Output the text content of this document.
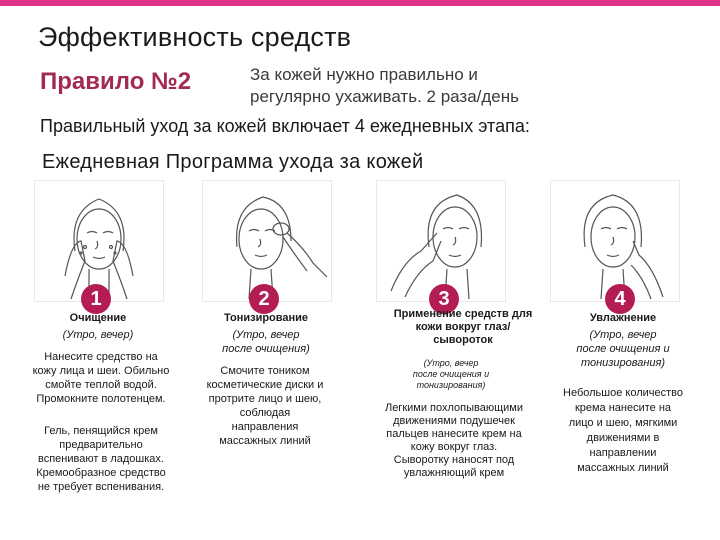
Эффективность средств
Правило №2	За кожей нужно правильно и
регулярно ухаживать. 2 раза/день
Правильный уход за кожей включает 4 ежедневных этапа:
Ежедневная Программа ухода за кожей
1
Очищение
(Утро, вечер)
Нанесите средство на
кожу лица и шеи. Обильно
смойте теплой водой.
Промокните полотенцем.
Гель, пенящийся крем
предварительно
вспенивают в ладошках.
Кремообразное средство
не требует вспенивания.
2
Тонизирование
(Утро, вечер
после очищения)
Смочите тоником
косметические диски и
протрите лицо и шею,
соблюдая
направления
массажных линий
3
Применение средств для
кожи вокруг глаз/
сывороток
(Утро, вечер
после очищения и
тонизирования)
Легкими похлопывающими
движениями подушечек
пальцев нанесите крем на
кожу вокруг глаз.
Сыворотку наносят под
увлажняющий крем
4
Увлажнение
(Утро, вечер
после очищения и
тонизирования)
Небольшое количество
крема нанесите на
лицо и шею, мягкими
движениями в
направлении
массажных линий
